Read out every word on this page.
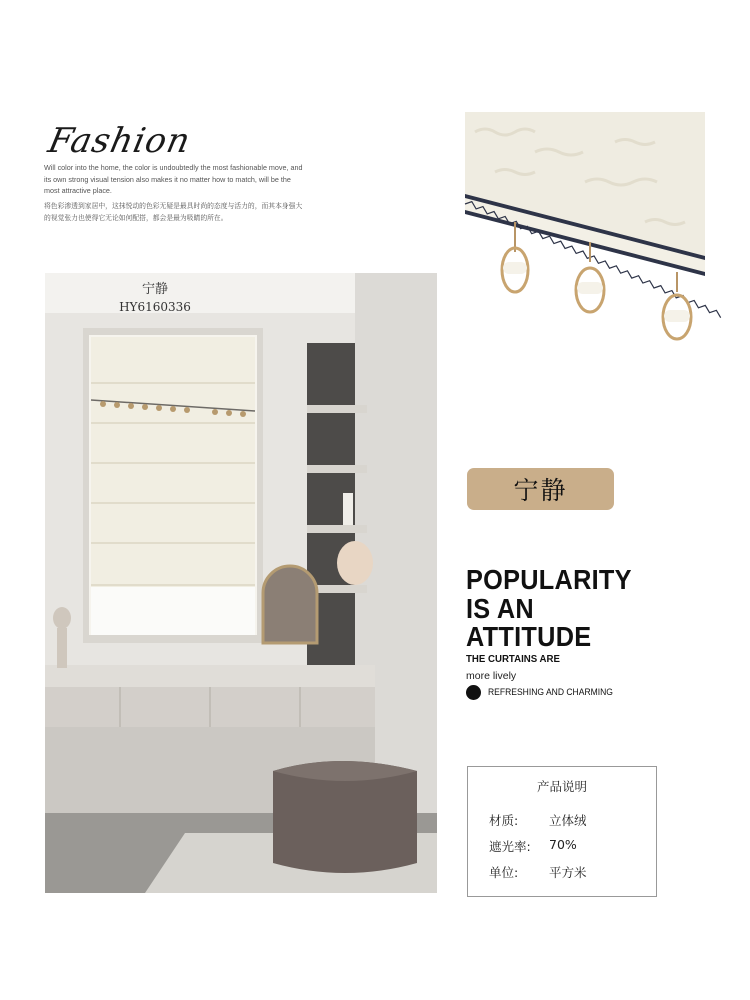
Fashion
Will color into the home, the color is undoubtedly the most fashionable move, and its own strong visual tension also makes it no matter how to match, will be the most attractive place.
将色彩渗透到家居中，这抹悦动的色彩无疑是最具时尚的态度与活力的，而其本身强大的视觉张力也使得它无论如何配搭，都会是最为吸睛的所在。
宁静
HY6160336
宁静
POPULARITY
IS AN
ATTITUDE
THE CURTAINS ARE
more lively
REFRESHING AND CHARMING
产品说明
材质:	立体绒
遮光率:	70%
单位:	平方米
